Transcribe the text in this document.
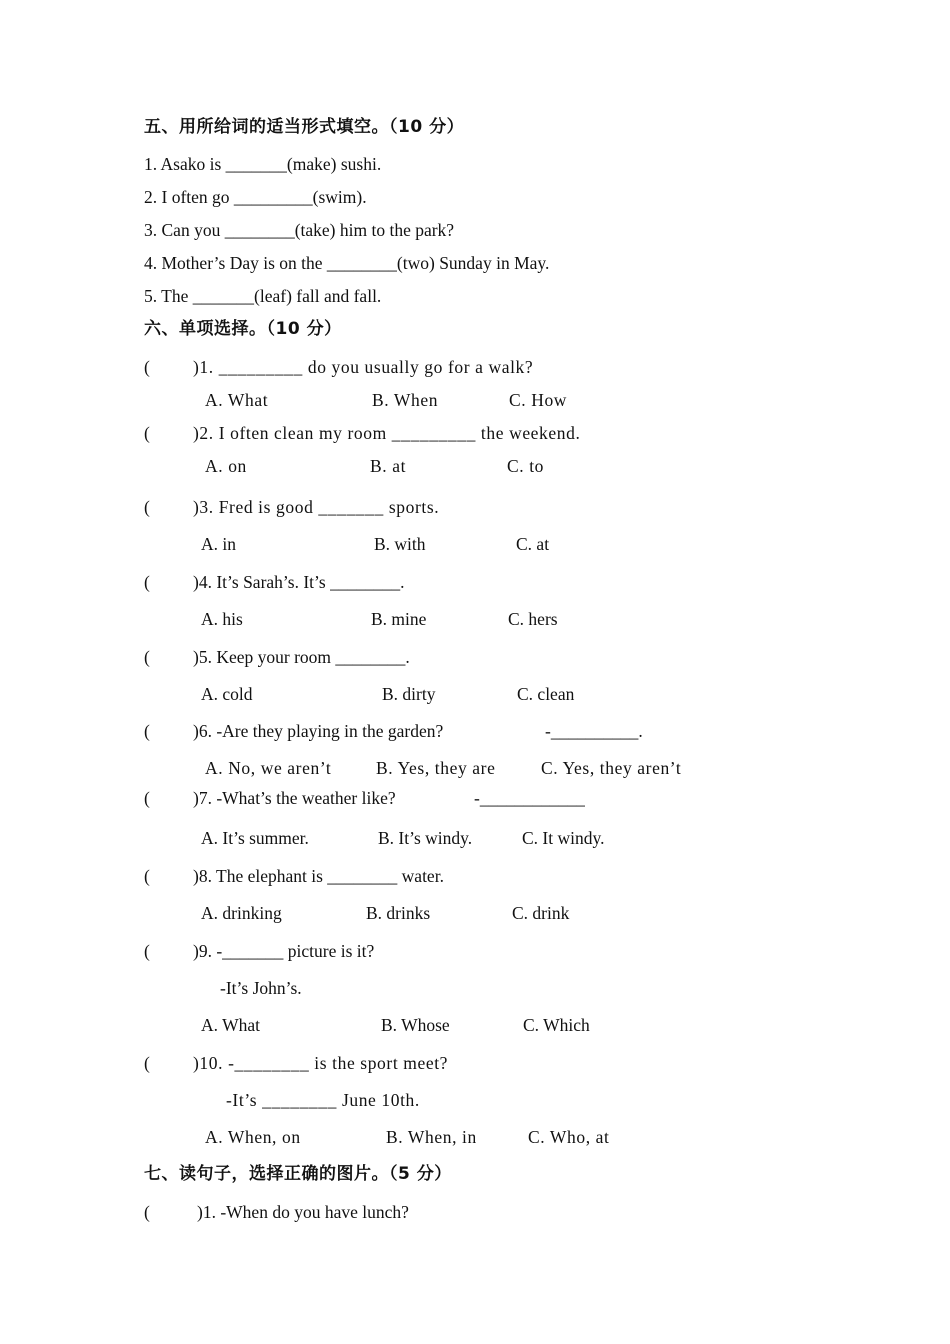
五、用所给词的适当形式填空。（10 分）
1. Asako is _______(make) sushi.
2. I often go _________(swim).
3. Can you ________(take) him to the park?
4. Mother’s Day is on the ________(two) Sunday in May.
5. The _______(leaf) fall and fall.
六、单项选择。（10 分）
( )1. _________ do you usually go for a walk?
A. What	B. When	C. How
( )2. I often clean my room _________ the weekend.
A. on	B. at	C. to
( )3. Fred is good _______ sports.
A. in	B. with	C. at
( )4. It’s Sarah’s. It’s ________.
A. his	B. mine	C. hers
( )5. Keep your room ________.
A. cold	B. dirty	C. clean
( )6. -Are they playing in the garden?	-__________.
A. No, we aren’t	B. Yes, they are	C. Yes, they aren’t
( )7. -What’s the weather like?	-____________
A. It’s summer.	B. It’s windy.	C. It windy.
( )8. The elephant is ________ water.
A. drinking	B. drinks	C. drink
( )9. -_______ picture is it?
-It’s John’s.
A. What	B. Whose	C. Which
( )10. -________ is the sport meet?
-It’s ________ June 10th.
A. When, on	B. When, in	C. Who, at
七、读句子，选择正确的图片。（5 分）
(	)1. -When do you have lunch?
